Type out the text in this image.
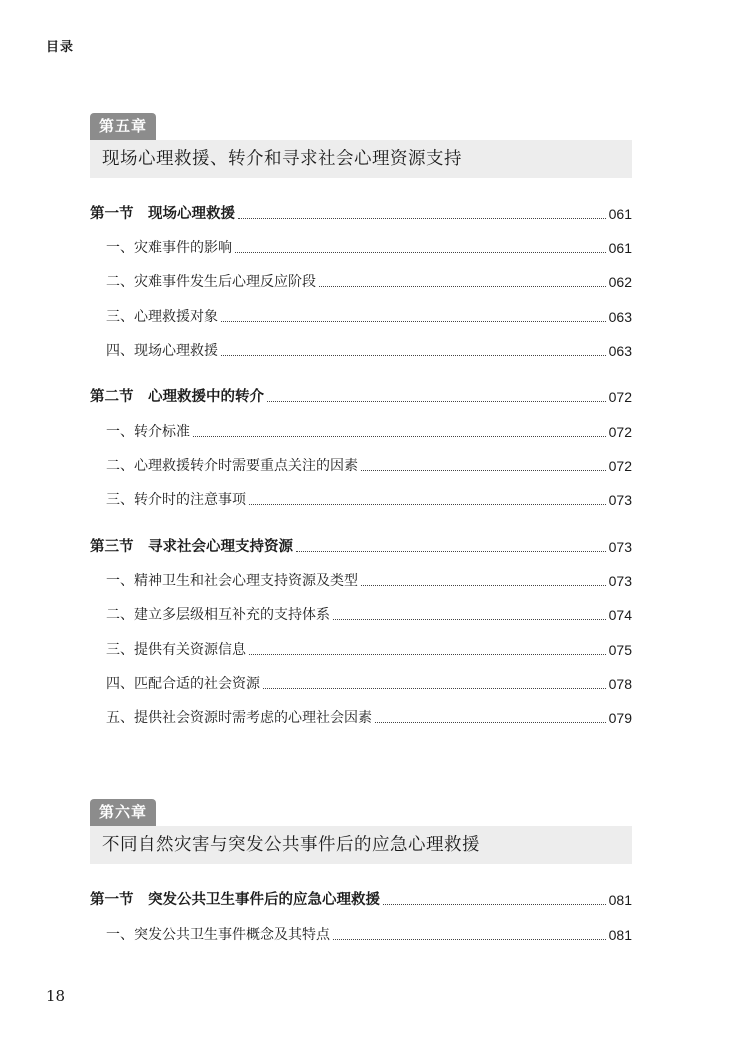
目录
第五章
现场心理救援、转介和寻求社会心理资源支持
第一节　现场心理救援	061
一、灾难事件的影响	061
二、灾难事件发生后心理反应阶段	062
三、心理救援对象	063
四、现场心理救援	063
第二节　心理救援中的转介	072
一、转介标准	072
二、心理救援转介时需要重点关注的因素	072
三、转介时的注意事项	073
第三节　寻求社会心理支持资源	073
一、精神卫生和社会心理支持资源及类型	073
二、建立多层级相互补充的支持体系	074
三、提供有关资源信息	075
四、匹配合适的社会资源	078
五、提供社会资源时需考虑的心理社会因素	079
第六章
不同自然灾害与突发公共事件后的应急心理救援
第一节　突发公共卫生事件后的应急心理救援	081
一、突发公共卫生事件概念及其特点	081
18
